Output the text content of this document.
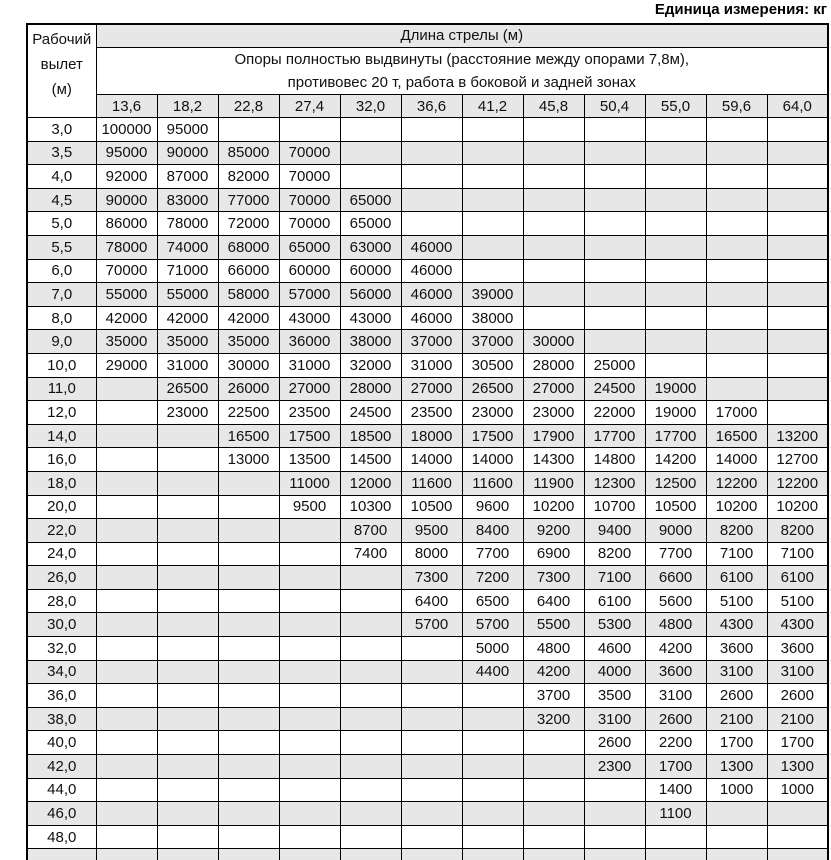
Единица измерения: кг
Рабочий
вылет
(м)	Длина стрелы (м)											

	Опоры полностью выдвинуты (расстояние между опорами 7,8м),
противовес 20 т, работа в боковой и задней зонах											

	13,6	18,2	22,8	27,4	32,0	36,6	41,2	45,8	50,4	55,0	59,6	64,0
3,0	100000	95000										
3,5	95000	90000	85000	70000								
4,0	92000	87000	82000	70000								
4,5	90000	83000	77000	70000	65000							
5,0	86000	78000	72000	70000	65000							
5,5	78000	74000	68000	65000	63000	46000						
6,0	70000	71000	66000	60000	60000	46000						
7,0	55000	55000	58000	57000	56000	46000	39000					
8,0	42000	42000	42000	43000	43000	46000	38000					
9,0	35000	35000	35000	36000	38000	37000	37000	30000				
10,0	29000	31000	30000	31000	32000	31000	30500	28000	25000			
11,0		26500	26000	27000	28000	27000	26500	27000	24500	19000		
12,0		23000	22500	23500	24500	23500	23000	23000	22000	19000	17000	
14,0			16500	17500	18500	18000	17500	17900	17700	17700	16500	13200
16,0			13000	13500	14500	14000	14000	14300	14800	14200	14000	12700
18,0				11000	12000	11600	11600	11900	12300	12500	12200	12200
20,0				9500	10300	10500	9600	10200	10700	10500	10200	10200
22,0					8700	9500	8400	9200	9400	9000	8200	8200
24,0					7400	8000	7700	6900	8200	7700	7100	7100
26,0						7300	7200	7300	7100	6600	6100	6100
28,0						6400	6500	6400	6100	5600	5100	5100
30,0						5700	5700	5500	5300	4800	4300	4300
32,0							5000	4800	4600	4200	3600	3600
34,0							4400	4200	4000	3600	3100	3100
36,0								3700	3500	3100	2600	2600
38,0								3200	3100	2600	2100	2100
40,0									2600	2200	1700	1700
42,0									2300	1700	1300	1300
44,0										1400	1000	1000
46,0										1100		
48,0												
